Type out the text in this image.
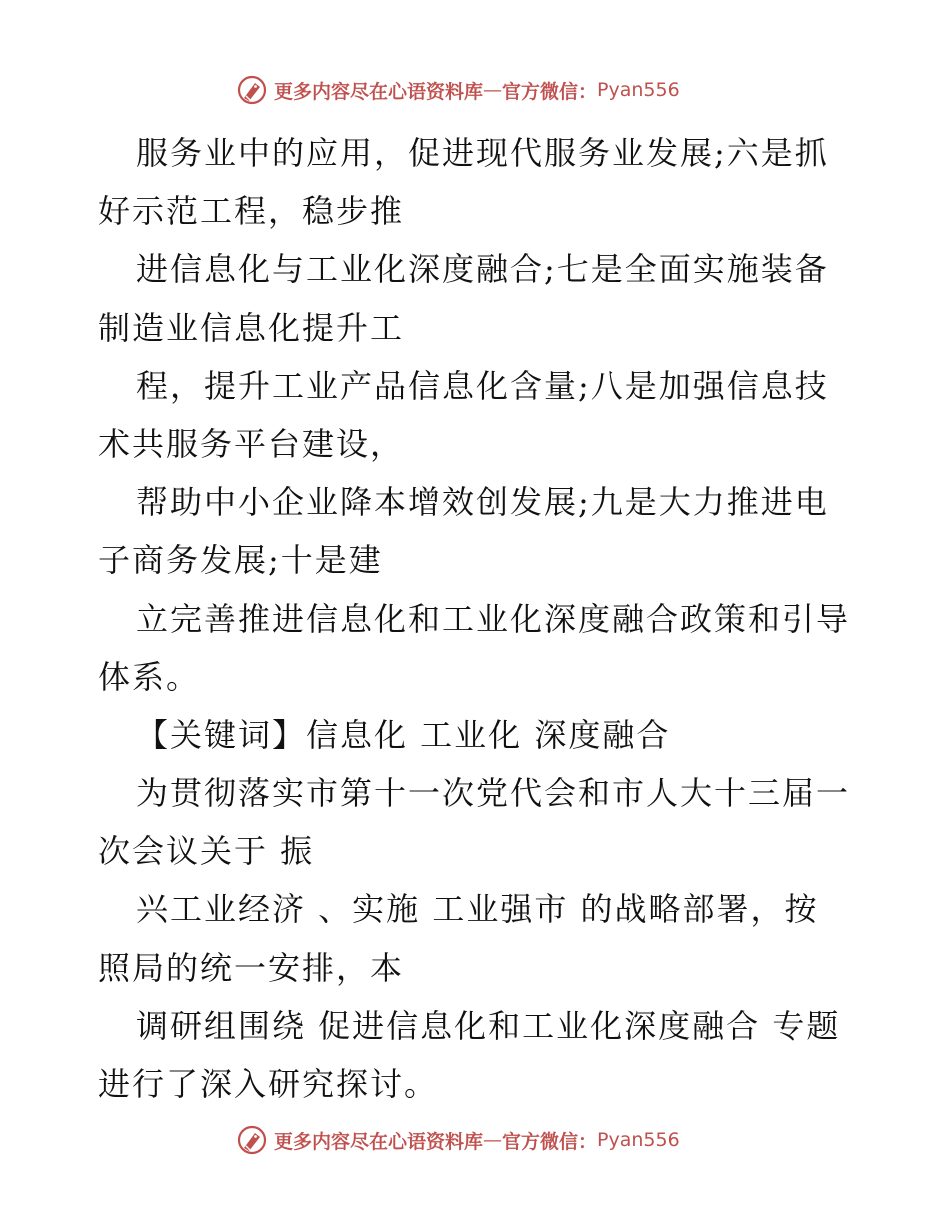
更多内容尽在心语资料库 — 官方微信： Pyan556
服务业中的应用，促进现代服务业发展;六是抓
好示范工程，稳步推
进信息化与工业化深度融合;七是全面实施装备
制造业信息化提升工
程，提升工业产品信息化含量;八是加强信息技
术共服务平台建设，
帮助中小企业降本增效创发展;九是大力推进电
子商务发展;十是建
立完善推进信息化和工业化深度融合政策和引导
体系。
【关键词】信息化 工业化 深度融合
为贯彻落实市第十一次党代会和市人大十三届一
次会议关于 振
兴工业经济 、实施 工业强市 的战略部署，按
照局的统一安排，本
调研组围绕 促进信息化和工业化深度融合 专题
进行了深入研究探讨。
更多内容尽在心语资料库 — 官方微信： Pyan556
